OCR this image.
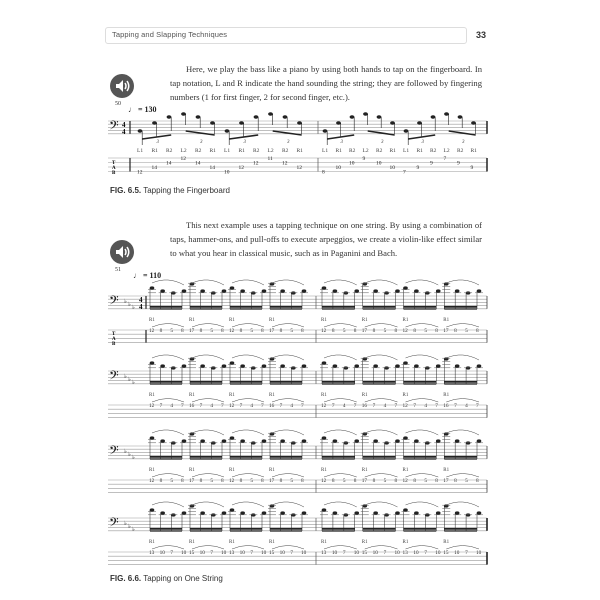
Tapping and Slapping Techniques	33
Here, we play the bass like a piano by using both hands to tap on the fingerboard. In tap notation, L and R indicate the hand sounding the string; they are followed by fingering numbers (1 for first finger, 2 for second finger, etc.).
50
♩ = 130
𝄢 4
4
3	3	3	3	3	3	3	3
L1 R1 R2 L2 R2 R1 L1 R1 R2 L2 R2 R1	L1 R1 R2 L2 R2 R1 L1 R1 R2 L2 R2 R1
T
A
B	12
14
14
12
14
14
10
12
12
11
12
12
8
10
10
9
10
10
7
9
9
7
9
9
FIG. 6.5. Tapping the Fingerboard
This next example uses a tapping technique on one string. By using a combination of taps, hammer-ons, and pull-offs to execute arpeggios, we create a violin-like effect similar to what you hear in classical music, such as in Paganini and Bach.
51
♩ = 110
𝄢 ♭ ♭ ♭
4
4
R1
12 8 5 8
R1
17 8 5 8
R1
12 8 5 8
R1
17 8 5 8
R1
12 8 5 8
R1
17 8 5 8
R1
12 8 5 8
R1
17 8 5 8
T
A
B
𝄢 ♭ ♭ ♭
R1
12 7 4 7
R1
16 7 4 7
R1
12 7 4 7
R1
16 7 4 7
R1
12 7 4 7
R1
16 7 4 7
R1
12 7 4 7
R1
16 7 4 7
𝄢 ♭ ♭ ♭
R1
12 8 5 8
R1
17 8 5 8
R1
12 8 5 8
R1
17 8 5 8
R1
12 8 5 8
R1
17 8 5 8
R1
12 8 5 8
R1
17 8 5 8
𝄢 ♭ ♭ ♭
R1
13 10 7 10
R1
15 10 7 10
R1
13 10 7 10
R1
15 10 7 10
R1
13 10 7 10
R1
15 10 7 10
R1
13 10 7 10
R1
15 10 7 10
FIG. 6.6. Tapping on One String
